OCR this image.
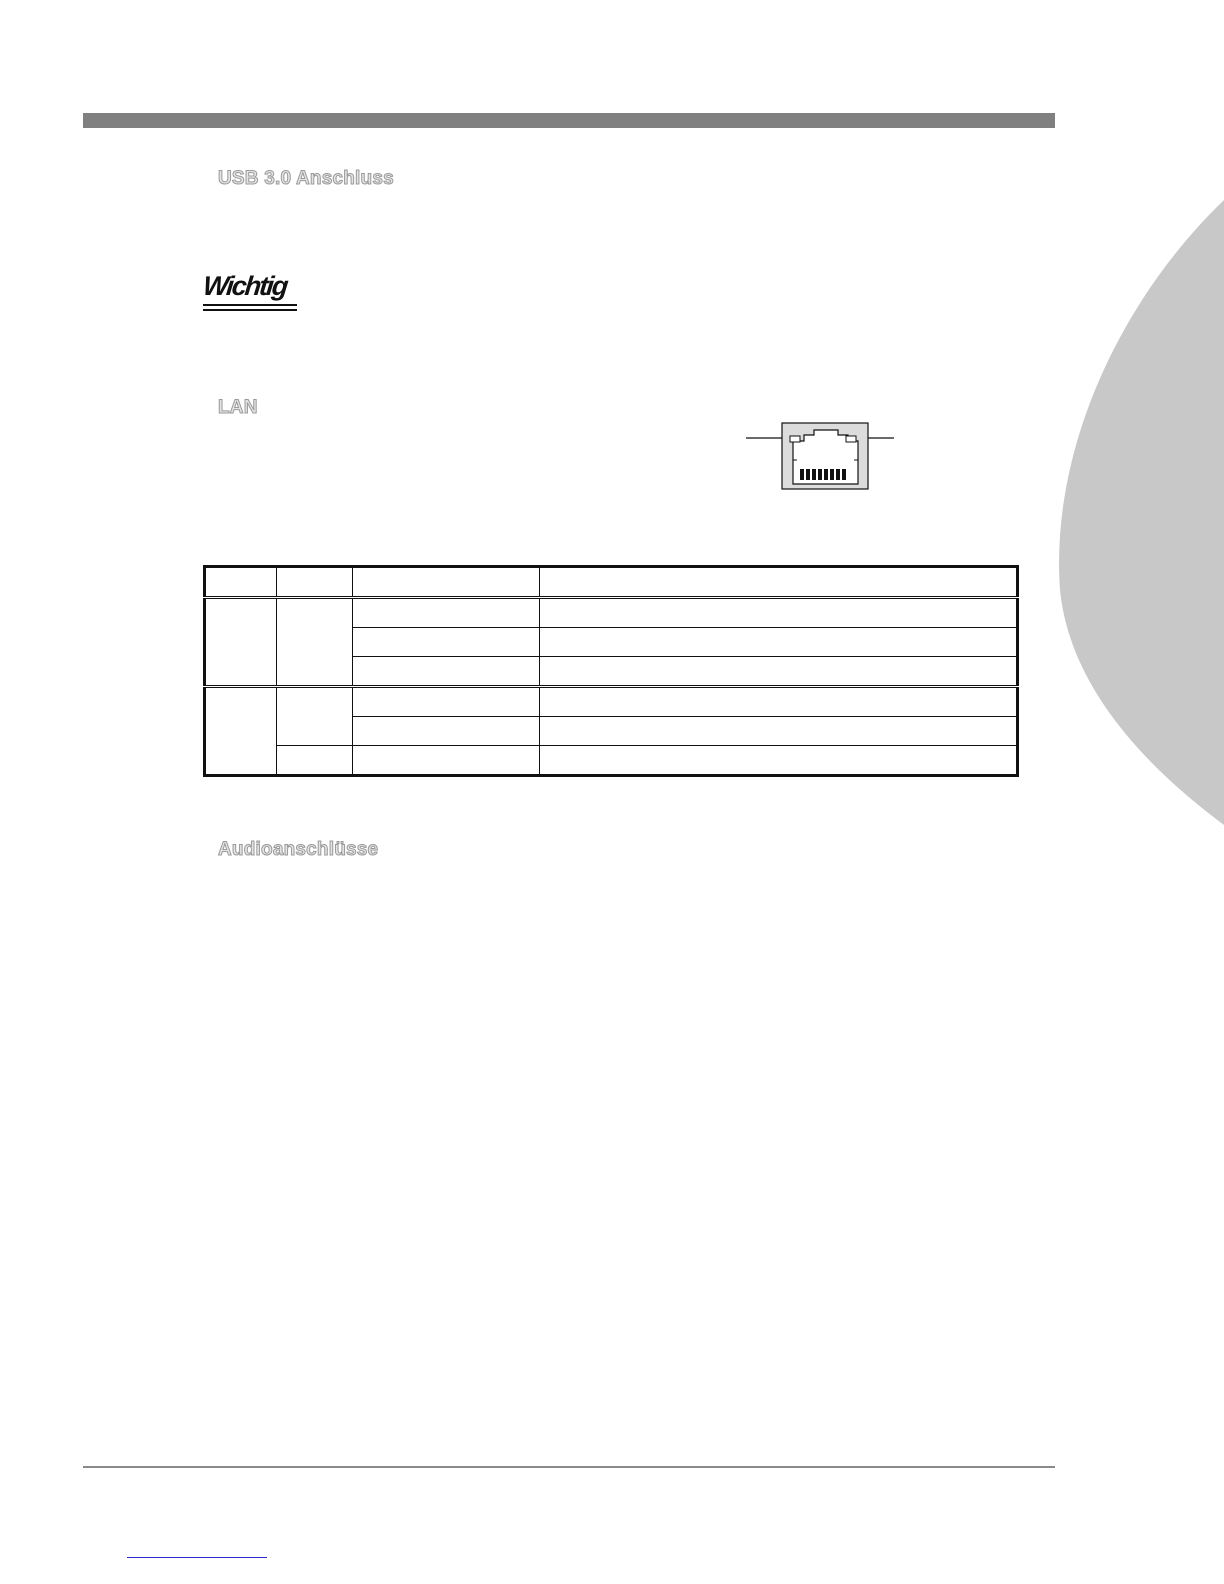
USB 3.0 Anschluss
Wichtig
LAN

Audioanschlüsse
